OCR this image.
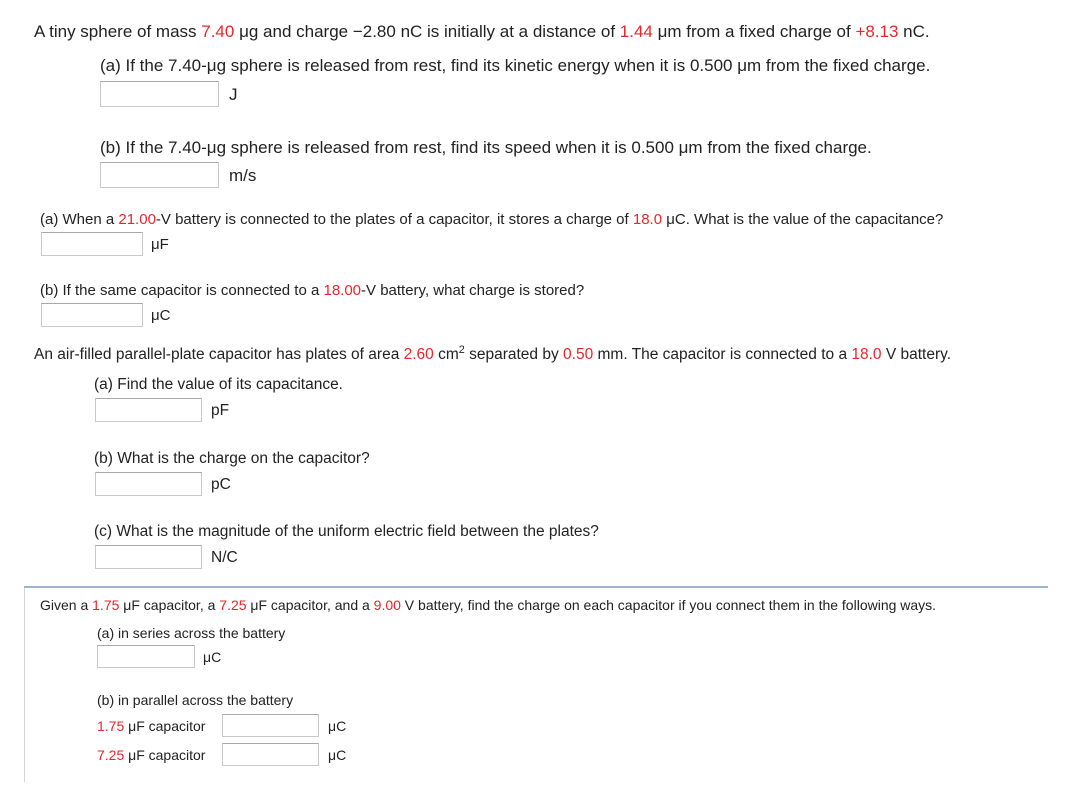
A tiny sphere of mass 7.40 μg and charge −2.80 nC is initially at a distance of 1.44 μm from a fixed charge of +8.13 nC.
(a) If the 7.40-μg sphere is released from rest, find its kinetic energy when it is 0.500 μm from the fixed charge.
J
(b) If the 7.40-μg sphere is released from rest, find its speed when it is 0.500 μm from the fixed charge.
m/s
(a) When a 21.00-V battery is connected to the plates of a capacitor, it stores a charge of 18.0 μC. What is the value of the capacitance?
μF
(b) If the same capacitor is connected to a 18.00-V battery, what charge is stored?
μC
An air-filled parallel-plate capacitor has plates of area 2.60 $cm^2$ separated by 0.50 mm. The capacitor is connected to a 18.0 V battery.
(a) Find the value of its capacitance.
pF
(b) What is the charge on the capacitor?
pC
(c) What is the magnitude of the uniform electric field between the plates?
N/C
Given a 1.75 μF capacitor, a 7.25 μF capacitor, and a 9.00 V battery, find the charge on each capacitor if you connect them in the following ways.
(a) in series across the battery
μC
(b) in parallel across the battery
1.75 μF capacitor	μC
7.25 μF capacitor	μC
